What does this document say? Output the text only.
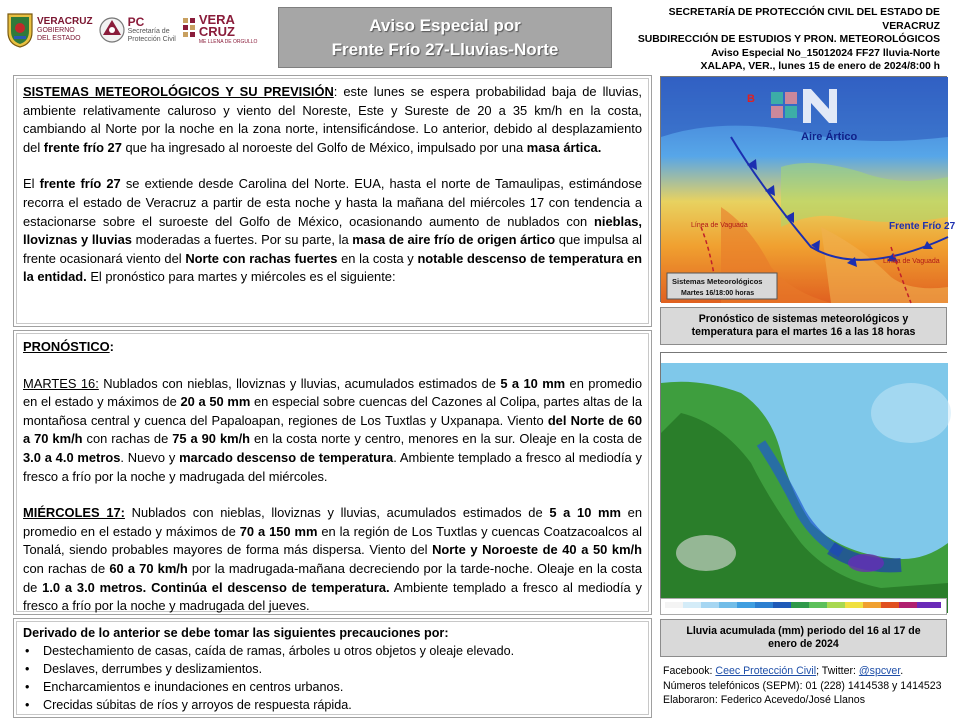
VERACRUZ
GOBIERNO
DEL ESTADO
PC
Secretaría de
Protección Civil
VERA
CRUZ
ME LLENA DE ORGULLO
Aviso Especial por
Frente Frío 27-Lluvias-Norte
SECRETARÍA DE PROTECCIÓN CIVIL DEL ESTADO DE VERACRUZ
SUBDIRECCIÓN DE ESTUDIOS Y PRON. METEOROLÓGICOS
Aviso Especial No_15012024 FF27 lluvia-Norte
XALAPA, VER., lunes 15 de enero de 2024/8:00 h

SISTEMAS METEOROLÓGICOS Y SU PREVISIÓN: este lunes se espera probabilidad baja de lluvias, ambiente relativamente caluroso y viento del Noreste, Este y Sureste de 20 a 35 km/h en la costa, cambiando al Norte por la noche en la zona norte, intensificándose. Lo anterior, debido al desplazamiento del frente frío 27 que ha ingresado al noroeste del Golfo de México, impulsado por una masa ártica.

El frente frío 27 se extiende desde Carolina del Norte. EUA, hasta el norte de Tamaulipas, estimándose recorra el estado de Veracruz a partir de esta noche y hasta la mañana del miércoles 17 con tendencia a estacionarse sobre el suroeste del Golfo de México, ocasionando aumento de nublados con nieblas, lloviznas y lluvias moderadas a fuertes. Por su parte, la masa de aire frío de origen ártico que impulsa al frente ocasionará viento del Norte con rachas fuertes en la costa y notable descenso de temperatura en la entidad. El pronóstico para martes y miércoles es el siguiente:

PRONÓSTICO:

MARTES 16: Nublados con nieblas, lloviznas y lluvias, acumulados estimados de 5 a 10 mm en promedio en el estado y máximos de 20 a 50 mm en especial sobre cuencas del Cazones al Colipa, partes altas de la montañosa central y cuenca del Papaloapan, regiones de Los Tuxtlas y Uxpanapa. Viento del Norte de 60 a 70 km/h con rachas de 75 a 90 km/h en la costa norte y centro, menores en la sur. Oleaje en la costa de 3.0 a 4.0 metros. Nuevo y marcado descenso de temperatura. Ambiente templado a fresco al mediodía y fresco a frío por la noche y madrugada del miércoles.

MIÉRCOLES 17: Nublados con nieblas, lloviznas y lluvias, acumulados estimados de 5 a 10 mm en promedio en el estado y máximos de 70 a 150 mm en la región de Los Tuxtlas y cuencas Coatzacoalcos al Tonalá, siendo probables mayores de forma más dispersa. Viento del Norte y Noroeste de 40 a 50 km/h con rachas de 60 a 70 km/h por la madrugada-mañana decreciendo por la tarde-noche. Oleaje en la costa de 1.0 a 3.0 metros. Continúa el descenso de temperatura. Ambiente templado a fresco al mediodía y fresco a frío por la noche y madrugada del jueves.

Derivado de lo anterior se debe tomar las siguientes precauciones por:

• Destechamiento de casas, caída de ramas, árboles u otros objetos y oleaje elevado.
• Deslaves, derrumbes y deslizamientos.
• Encharcamientos e inundaciones en centros urbanos.
• Crecidas súbitas de ríos y arroyos de respuesta rápida.
B
Aire Ártico
Frente Frío 27
Línea de Vaguada
Línea de Vaguada
Sistemas Meteorológicos
Martes 16/18:00 horas
Pronóstico de sistemas meteorológicos y
temperatura para el martes 16 a las 18 horas
Lluvia acumulada (mm) periodo del 16 al 17 de
enero de 2024
Facebook: Ceec Protección Civil; Twitter: @spcver.
Números telefónicos (SEPM): 01 (228) 1414538 y 1414523
Elaboraron: Federico Acevedo/José Llanos
